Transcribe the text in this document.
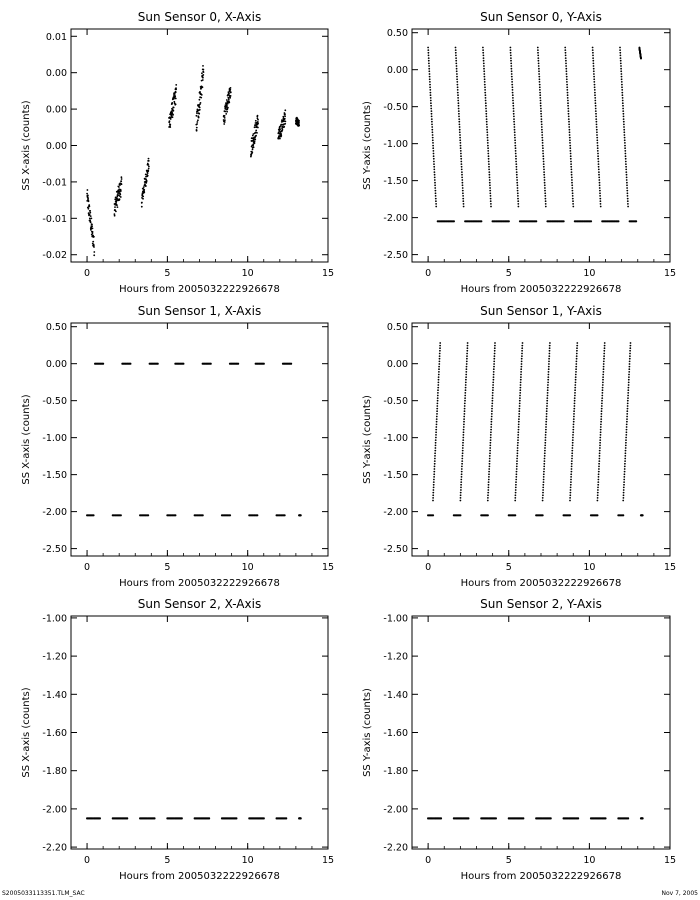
Sun Sensor 0, X-Axis
0	5	10	15
-0.02
-0.01
-0.01
0.00
0.00
0.00
0.01
Hours from 2005032222926678
SS X-axis (counts)
Sun Sensor 0, Y-Axis
0	5	10	15
-2.50
-2.00
-1.50
-1.00
-0.50
0.00
0.50
Hours from 2005032222926678
SS Y-axis (counts)
Sun Sensor 1, X-Axis
0	5	10	15
-2.50
-2.00
-1.50
-1.00
-0.50
0.00
0.50
Hours from 2005032222926678
SS X-axis (counts)
Sun Sensor 1, Y-Axis
0	5	10	15
-2.50
-2.00
-1.50
-1.00
-0.50
0.00
0.50
Hours from 2005032222926678
SS Y-axis (counts)
Sun Sensor 2, X-Axis
0	5	10	15
-2.20
-2.00
-1.80
-1.60
-1.40
-1.20
-1.00
Hours from 2005032222926678
SS X-axis (counts)
Sun Sensor 2, Y-Axis
0	5	10	15
-2.20
-2.00
-1.80
-1.60
-1.40
-1.20
-1.00
Hours from 2005032222926678
SS Y-axis (counts)
S2005033113351.TLM_SAC	Nov 7, 2005
